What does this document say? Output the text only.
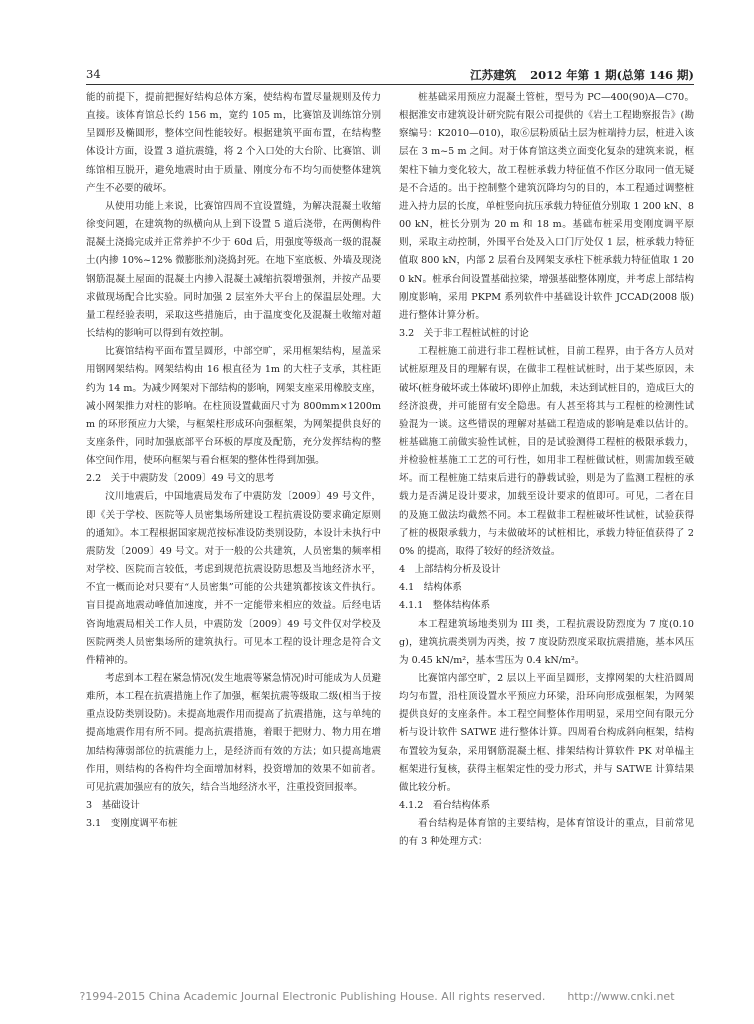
34	江苏建筑 2012 年第 1 期(总第 146 期)

能的前提下，提前把握好结构总体方案，使结构布置尽量规则及传力直接。该体育馆总长约 156 m，宽约 105 m，比赛馆及训练馆分别呈圆形及椭圆形，整体空间性能较好。根据建筑平面布置，在结构整体设计方面，设置 3 道抗震缝，将 2 个入口处的大台阶、比赛馆、训练馆相互脱开，避免地震时由于质量、刚度分布不均匀而使整体建筑产生不必要的破坏。

从使用功能上来说，比赛馆四周不宜设置缝，为解决混凝土收缩徐变问题，在建筑物的纵横向从上到下设置 5 道后浇带，在两侧构件混凝土浇捣完成并正常养护不少于 60d 后，用强度等级高一级的混凝土(内掺 10%~12% 微膨胀剂)浇捣封死。在地下室底板、外墙及现浇钢筋混凝土屋面的混凝土内掺入混凝土减缩抗裂增强剂，并按产品要求做现场配合比实验。同时加强 2 层室外大平台上的保温层处理。大量工程经验表明，采取这些措施后，由于温度变化及混凝土收缩对超长结构的影响可以得到有效控制。

比赛馆结构平面布置呈圆形，中部空旷，采用框架结构，屋盖采用钢网架结构。网架结构由 16 根直径为 1m 的大柱子支承，其柱距约为 14 m。为减少网架对下部结构的影响，网架支座采用橡胶支座，减小网架推力对柱的影响。在柱顶设置截面尺寸为 800mm×1200mm 的环形预应力大梁，与框架柱形成环向强框架，为网架提供良好的支座条件，同时加强底部平台环板的厚度及配筋，充分发挥结构的整体空间作用，使环向框架与看台框架的整体性得到加强。

2.2　关于中震防发〔2009〕49 号文的思考

汶川地震后，中国地震局发布了中震防发〔2009〕49 号文件，即《关于学校、医院等人员密集场所建设工程抗震设防要求确定原则的通知》。本工程根据国家规范按标准设防类别设防，本设计未执行中震防发〔2009〕49 号文。对于一般的公共建筑，人员密集的频率相对学校、医院而言较低，考虑到规范抗震设防思想及当地经济水平，不宜一概而论对只要有“人员密集”可能的公共建筑都按该文件执行。盲目提高地震动峰值加速度，并不一定能带来相应的效益。后经电话咨询地震局相关工作人员，中震防发〔2009〕49 号文件仅对学校及医院两类人员密集场所的建筑执行。可见本工程的设计理念是符合文件精神的。

考虑到本工程在紧急情况(发生地震等紧急情况)时可能成为人员避难所，本工程在抗震措施上作了加强，框架抗震等级取二级(相当于按重点设防类别设防)。未提高地震作用而提高了抗震措施，这与单纯的提高地震作用有所不同。提高抗震措施，着眼于把财力、物力用在增加结构薄弱部位的抗震能力上，是经济而有效的方法；如只提高地震作用，则结构的各构件均全面增加材料，投资增加的效果不如前者。可见抗震加强应有的放矢，结合当地经济水平，注重投资回报率。

3　基础设计
3.1　变刚度调平布桩

桩基础采用预应力混凝土管桩，型号为 PC—400(90)A—C70。根据淮安市建筑设计研究院有限公司提供的《岩土工程勘察报告》(勘察编号：K2010—010)，取⑥层粉质砧土层为桩端持力层，桩进入该层在 3 m~5 m 之间。对于体育馆这类立面变化复杂的建筑来说，框架柱下轴力变化较大，故工程桩承载力特征值不作区分取同一值无疑是不合适的。出于控制整个建筑沉降均匀的目的，本工程通过调整桩进入持力层的长度，单桩竖向抗压承载力特征值分别取 1 200 kN、800 kN，桩长分别为 20 m 和 18 m。基础布桩采用变刚度调平原则，采取主动控制，外围平台处及入口门厅处仅 1 层，桩承载力特征值取 800 kN，内部 2 层看台及网架支承柱下桩承载力特征值取 1 200 kN。桩承台间设置基础拉梁，增强基础整体刚度，并考虑上部结构刚度影响，采用 PKPM 系列软件中基础设计软件 JCCAD(2008 版) 进行整体计算分析。

3.2　关于非工程桩试桩的讨论

工程桩施工前进行非工程桩试桩，目前工程界，由于各方人员对试桩原理及目的理解有误，在做非工程桩试桩时，出于某些原因，未破坏(桩身破坏或土体破坏)即停止加载，未达到试桩目的，造成巨大的经济浪费，并可能留有安全隐患。有人甚至将其与工程桩的检测性试验混为一谈。这些错误的理解对基础工程造成的影响是难以估计的。桩基础施工前做实验性试桩，目的是试验测得工程桩的极限承载力，并检验桩基施工工艺的可行性，如用非工程桩做试桩，则需加载至破坏。而工程桩施工结束后进行的静载试验，则是为了监测工程桩的承载力是否满足设计要求，加载至设计要求的值即可。可见，二者在目的及施工做法均截然不同。本工程做非工程桩破坏性试桩，试验获得了桩的极限承载力，与未做破坏的试桩相比，承载力特征值获得了 20% 的提高，取得了较好的经济效益。

4　上部结构分析及设计
4.1　结构体系
4.1.1　整体结构体系

本工程建筑场地类别为 III 类，工程抗震设防烈度为 7 度(0.10 g)，建筑抗震类别为丙类，按 7 度设防烈度采取抗震措施，基本风压为 0.45 kN/m²，基本雪压为 0.4 kN/m²。

比赛馆内部空旷，2 层以上平面呈圆形，支撑网架的大柱沿圆周均匀布置，沿柱顶设置水平预应力环梁，沿环向形成强框架，为网架提供良好的支座条件。本工程空间整体作用明显，采用空间有限元分析与设计软件 SATWE 进行整体计算。四周看台构成斜向框架，结构布置较为复杂，采用钢筋混凝土框、排架结构计算软件 PK 对单榀主框架进行复核，获得主框架定性的受力形式，并与 SATWE 计算结果做比较分析。

4.1.2　看台结构体系

看台结构是体育馆的主要结构，是体育馆设计的重点，目前常见的有 3 种处理方式：

?1994-2015 China Academic Journal Electronic Publishing House. All rights reserved.　　http://www.cnki.net
